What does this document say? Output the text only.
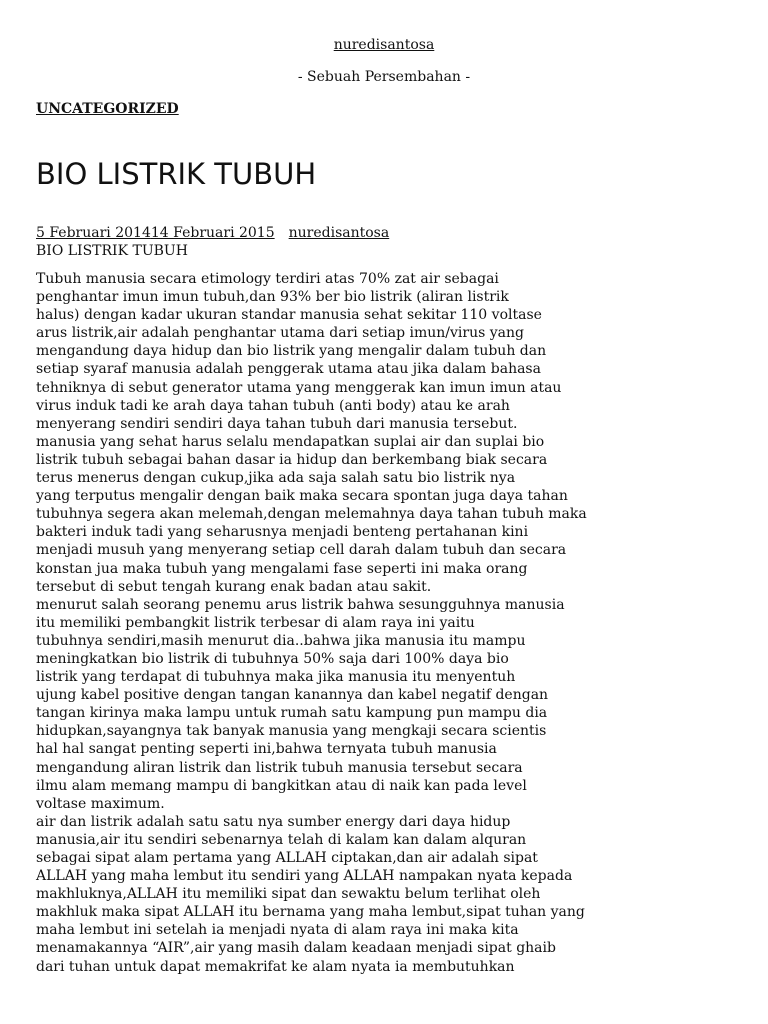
nuredisantosa
- Sebuah Persembahan -
UNCATEGORIZED
BIO LISTRIK TUBUH
5 Februari 201414 Februari 2015 nuredisantosa
BIO LISTRIK TUBUH
Tubuh manusia secara etimology terdiri atas 70% zat air sebagai
penghantar imun imun tubuh,dan 93% ber bio listrik (aliran listrik
halus) dengan kadar ukuran standar manusia sehat sekitar 110 voltase
arus listrik,air adalah penghantar utama dari setiap imun/virus yang
mengandung daya hidup dan bio listrik yang mengalir dalam tubuh dan
setiap syaraf manusia adalah penggerak utama atau jika dalam bahasa
tehniknya di sebut generator utama yang menggerak kan imun imun atau
virus induk tadi ke arah daya tahan tubuh (anti body) atau ke arah
menyerang sendiri sendiri daya tahan tubuh dari manusia tersebut.
manusia yang sehat harus selalu mendapatkan suplai air dan suplai bio
listrik tubuh sebagai bahan dasar ia hidup dan berkembang biak secara
terus menerus dengan cukup,jika ada saja salah satu bio listrik nya
yang terputus mengalir dengan baik maka secara spontan juga daya tahan
tubuhnya segera akan melemah,dengan melemahnya daya tahan tubuh maka
bakteri induk tadi yang seharusnya menjadi benteng pertahanan kini
menjadi musuh yang menyerang setiap cell darah dalam tubuh dan secara
konstan jua maka tubuh yang mengalami fase seperti ini maka orang
tersebut di sebut tengah kurang enak badan atau sakit.
menurut salah seorang penemu arus listrik bahwa sesungguhnya manusia
itu memiliki pembangkit listrik terbesar di alam raya ini yaitu
tubuhnya sendiri,masih menurut dia..bahwa jika manusia itu mampu
meningkatkan bio listrik di tubuhnya 50% saja dari 100% daya bio
listrik yang terdapat di tubuhnya maka jika manusia itu menyentuh
ujung kabel positive dengan tangan kanannya dan kabel negatif dengan
tangan kirinya maka lampu untuk rumah satu kampung pun mampu dia
hidupkan,sayangnya tak banyak manusia yang mengkaji secara scientis
hal hal sangat penting seperti ini,bahwa ternyata tubuh manusia
mengandung aliran listrik dan listrik tubuh manusia tersebut secara
ilmu alam memang mampu di bangkitkan atau di naik kan pada level
voltase maximum.
air dan listrik adalah satu satu nya sumber energy dari daya hidup
manusia,air itu sendiri sebenarnya telah di kalam kan dalam alquran
sebagai sipat alam pertama yang ALLAH ciptakan,dan air adalah sipat
ALLAH yang maha lembut itu sendiri yang ALLAH nampakan nyata kepada
makhluknya,ALLAH itu memiliki sipat dan sewaktu belum terlihat oleh
makhluk maka sipat ALLAH itu bernama yang maha lembut,sipat tuhan yang
maha lembut ini setelah ia menjadi nyata di alam raya ini maka kita
menamakannya “AIR”,air yang masih dalam keadaan menjadi sipat ghaib
dari tuhan untuk dapat memakrifat ke alam nyata ia membutuhkan
